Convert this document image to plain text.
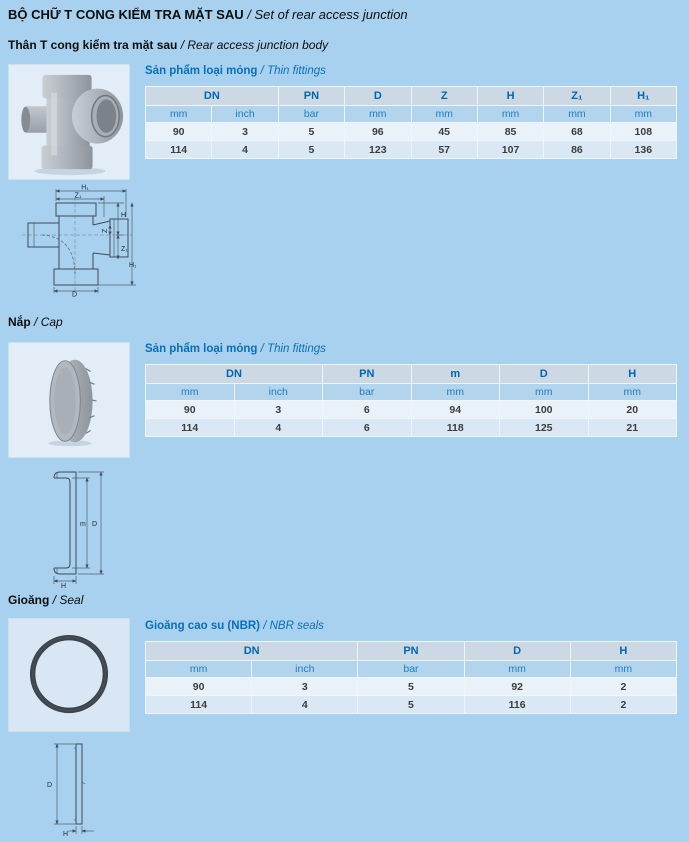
BỘ CHỮ T CONG KIỂM TRA MẶT SAU / Set of rear access junction
Thân T cong kiểm tra mặt sau / Rear access junction body
Sản phẩm loại mỏng / Thin fittings
DN		PN	D	Z	H	Z₁	H₁
mm	inch	bar	mm	mm	mm	mm	mm
90	3	5	96	45	85	68	108
114	4	5	123	57	107	86	136
H₁
Z₁
H
Z
Z₁
H₁
D
Nắp / Cap
Sản phẩm loại mỏng / Thin fittings
DN		PN	m	D	H
mm	inch	bar	mm	mm	mm
90	3	6	94	100	20
114	4	6	118	125	21
m D
H
Gioăng / Seal
Gioăng cao su (NBR) / NBR seals
DN		PN	D	H
mm	inch	bar	mm	mm
90	3	5	92	2
114	4	5	116	2
D
H
